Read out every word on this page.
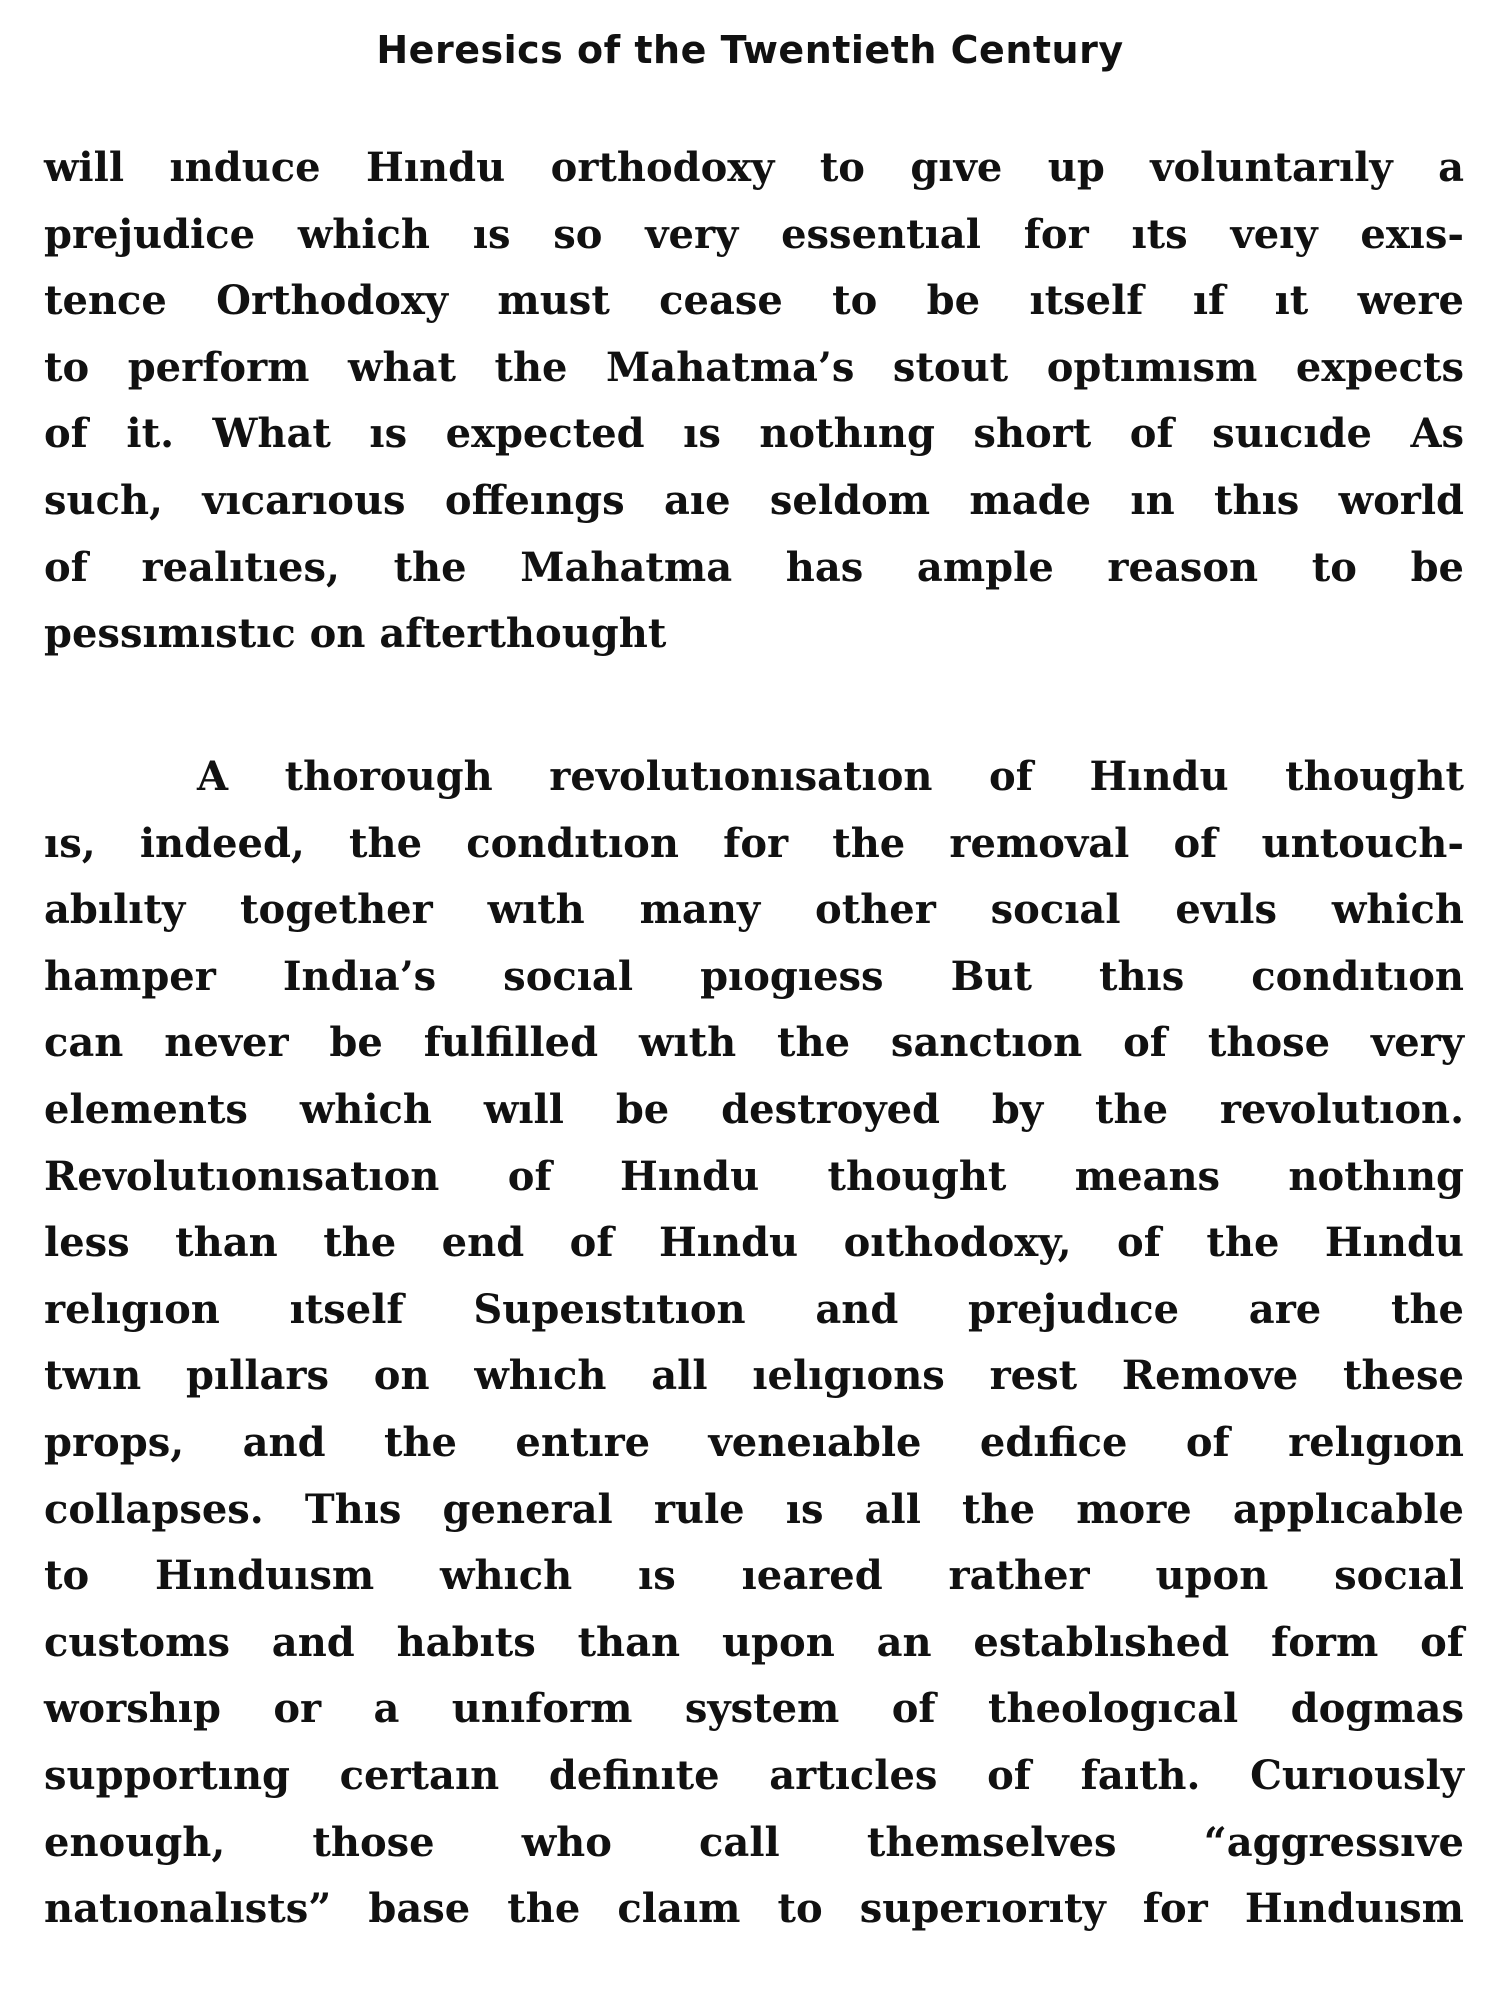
Heresics of the Twentieth Century
will ınduce Hındu orthodoxy to gıve up voluntarıly a
prejudice which ıs so very essentıal for ıts veıy exıs-
tence Orthodoxy must cease to be ıtself ıf ıt were
to perform what the Mahatma’s stout optımısm expects
of it. What ıs expected ıs nothıng short of suıcıde As
such, vıcarıous offeıngs aıe seldom made ın thıs world
of realıtıes, the Mahatma has ample reason to be
pessımıstıc on afterthought
A thorough revolutıonısatıon of Hındu thought
ıs, indeed, the condıtıon for the removal of untouch-
abılıty together wıth many other socıal evıls which
hamper Indıa’s socıal pıogıess But thıs condıtıon
can never be fulfilled wıth the sanctıon of those very
elements which wıll be destroyed by the revolutıon.
Revolutıonısatıon of Hındu thought means nothıng
less than the end of Hındu oıthodoxy, of the Hındu
relıgıon ıtself Supeıstıtıon and prejudıce are the
twın pıllars on whıch all ıelıgıons rest Remove these
props, and the entıre veneıable edıfice of relıgıon
collapses. Thıs general rule ıs all the more applıcable
to Hınduısm whıch ıs ıeared rather upon socıal
customs and habıts than upon an establıshed form of
worshıp or a unıform system of theologıcal dogmas
supportıng certaın definıte artıcles of faıth. Curıously
enough, those who call themselves “aggressıve
natıonalısts” base the claım to superıorıty for Hınduısm
